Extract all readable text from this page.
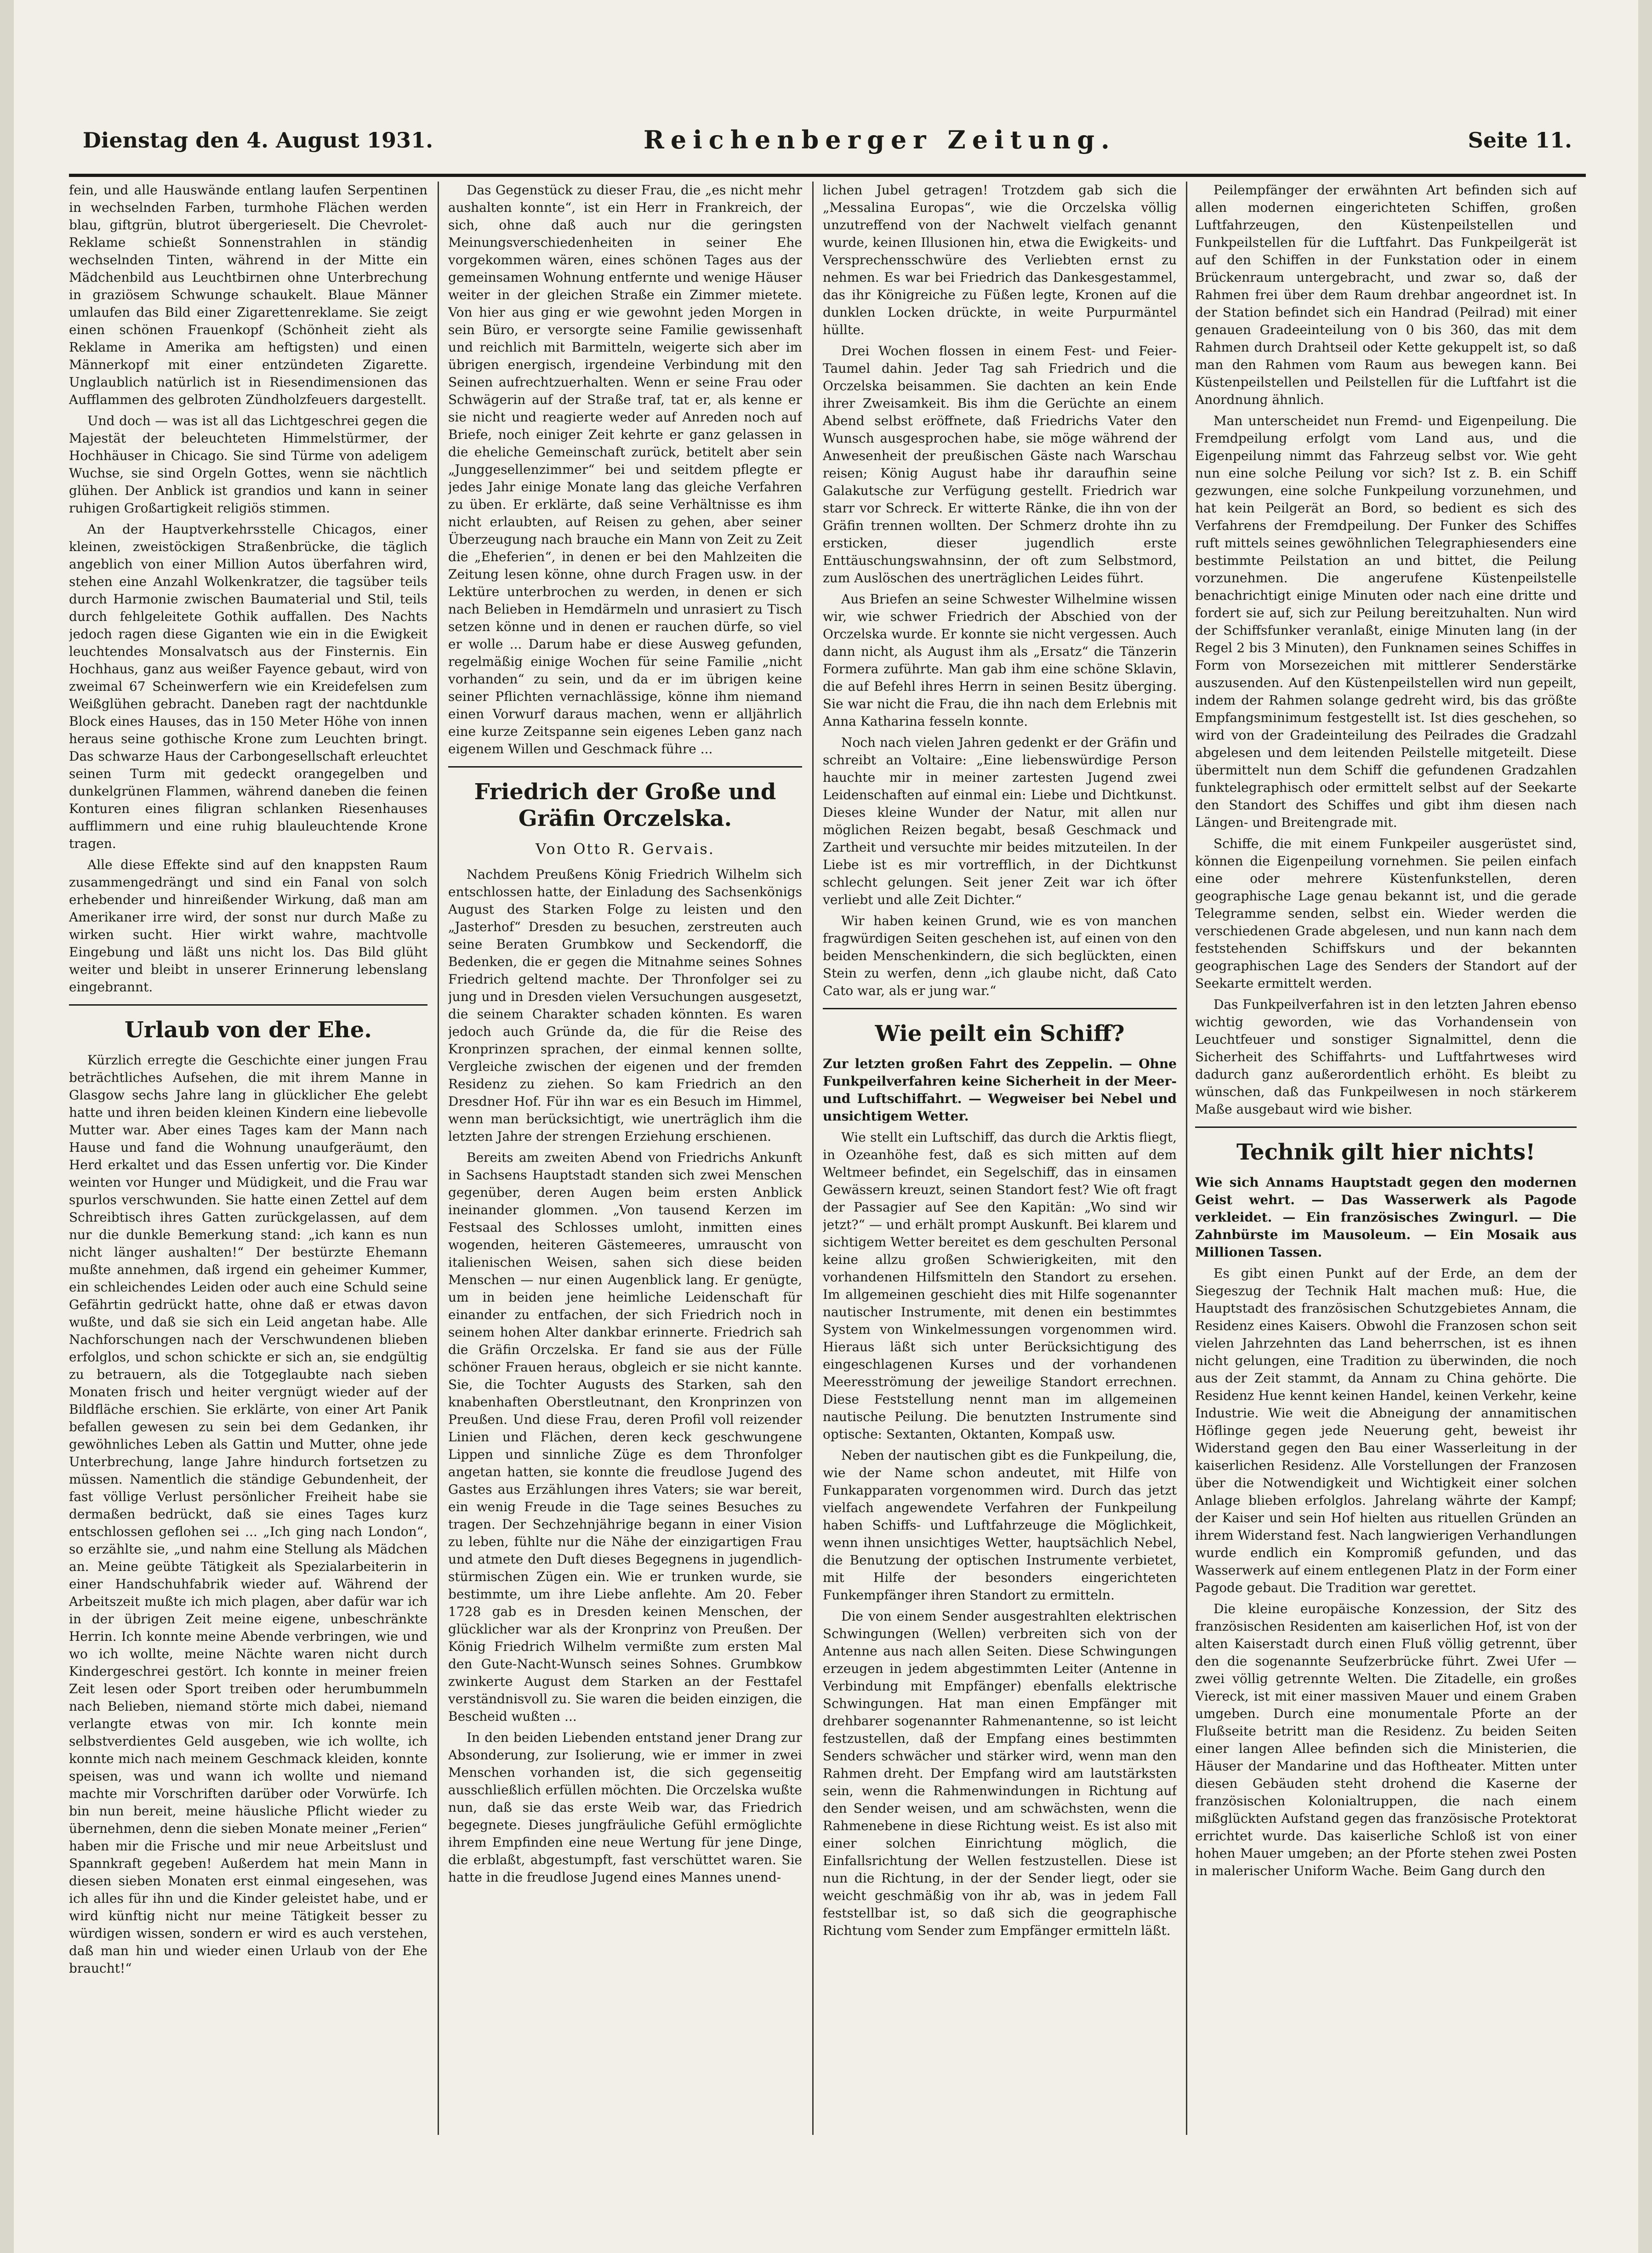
Dienstag den 4. August 1931.	Reichenberger Zeitung.	Seite 11.

fein, und alle Hauswände entlang laufen Serpentinen in wechselnden Farben, turmhohe Flächen werden blau, giftgrün, blutrot übergerieselt. Die Chevrolet-Reklame schießt Sonnenstrahlen in ständig wechselnden Tinten, während in der Mitte ein Mädchenbild aus Leuchtbirnen ohne Unterbrechung in graziösem Schwunge schaukelt. Blaue Männer umlaufen das Bild einer Zigarettenreklame. Sie zeigt einen schönen Frauenkopf (Schönheit zieht als Reklame in Amerika am heftigsten) und einen Männerkopf mit einer entzündeten Zigarette. Unglaublich natürlich ist in Riesendimensionen das Aufflammen des gelbroten Zündholzfeuers dargestellt.

Und doch — was ist all das Lichtgeschrei gegen die Majestät der beleuchteten Himmelstürmer, der Hochhäuser in Chicago. Sie sind Türme von adeligem Wuchse, sie sind Orgeln Gottes, wenn sie nächtlich glühen. Der Anblick ist grandios und kann in seiner ruhigen Großartigkeit religiös stimmen.

An der Hauptverkehrsstelle Chicagos, einer kleinen, zweistöckigen Straßenbrücke, die täglich angeblich von einer Million Autos überfahren wird, stehen eine Anzahl Wolkenkratzer, die tagsüber teils durch Harmonie zwischen Baumaterial und Stil, teils durch fehlgeleitete Gothik auffallen. Des Nachts jedoch ragen diese Giganten wie ein in die Ewigkeit leuchtendes Monsalvatsch aus der Finsternis. Ein Hochhaus, ganz aus weißer Fayence gebaut, wird von zweimal 67 Scheinwerfern wie ein Kreidefelsen zum Weißglühen gebracht. Daneben ragt der nachtdunkle Block eines Hauses, das in 150 Meter Höhe von innen heraus seine gothische Krone zum Leuchten bringt. Das schwarze Haus der Carbongesellschaft erleuchtet seinen Turm mit gedeckt orangegelben und dunkelgrünen Flammen, während daneben die feinen Konturen eines filigran schlanken Riesenhauses aufflimmern und eine ruhig blauleuchtende Krone tragen.

Alle diese Effekte sind auf den knappsten Raum zusammengedrängt und sind ein Fanal von solch erhebender und hinreißender Wirkung, daß man am Amerikaner irre wird, der sonst nur durch Maße zu wirken sucht. Hier wirkt wahre, machtvolle Eingebung und läßt uns nicht los. Das Bild glüht weiter und bleibt in unserer Erinnerung lebenslang eingebrannt.

Urlaub von der Ehe.

Kürzlich erregte die Geschichte einer jungen Frau beträchtliches Aufsehen, die mit ihrem Manne in Glasgow sechs Jahre lang in glücklicher Ehe gelebt hatte und ihren beiden kleinen Kindern eine liebevolle Mutter war. Aber eines Tages kam der Mann nach Hause und fand die Wohnung unaufgeräumt, den Herd erkaltet und das Essen unfertig vor. Die Kinder weinten vor Hunger und Müdigkeit, und die Frau war spurlos verschwunden. Sie hatte einen Zettel auf dem Schreibtisch ihres Gatten zurückgelassen, auf dem nur die dunkle Bemerkung stand: „ich kann es nun nicht länger aushalten!“ Der bestürzte Ehemann mußte annehmen, daß irgend ein geheimer Kummer, ein schleichendes Leiden oder auch eine Schuld seine Gefährtin gedrückt hatte, ohne daß er etwas davon wußte, und daß sie sich ein Leid angetan habe. Alle Nachforschungen nach der Verschwundenen blieben erfolglos, und schon schickte er sich an, sie endgültig zu betrauern, als die Totgeglaubte nach sieben Monaten frisch und heiter vergnügt wieder auf der Bildfläche erschien. Sie erklärte, von einer Art Panik befallen gewesen zu sein bei dem Gedanken, ihr gewöhnliches Leben als Gattin und Mutter, ohne jede Unterbrechung, lange Jahre hindurch fortsetzen zu müssen. Namentlich die ständige Gebundenheit, der fast völlige Verlust persönlicher Freiheit habe sie dermaßen bedrückt, daß sie eines Tages kurz entschlossen geflohen sei ... „Ich ging nach London“, so erzählte sie, „und nahm eine Stellung als Mädchen an. Meine geübte Tätigkeit als Spezialarbeiterin in einer Handschuhfabrik wieder auf. Während der Arbeitszeit mußte ich mich plagen, aber dafür war ich in der übrigen Zeit meine eigene, unbeschränkte Herrin. Ich konnte meine Abende verbringen, wie und wo ich wollte, meine Nächte waren nicht durch Kindergeschrei gestört. Ich konnte in meiner freien Zeit lesen oder Sport treiben oder herumbummeln nach Belieben, niemand störte mich dabei, niemand verlangte etwas von mir. Ich konnte mein selbstverdientes Geld ausgeben, wie ich wollte, ich konnte mich nach meinem Geschmack kleiden, konnte speisen, was und wann ich wollte und niemand machte mir Vorschriften darüber oder Vorwürfe. Ich bin nun bereit, meine häusliche Pflicht wieder zu übernehmen, denn die sieben Monate meiner „Ferien“ haben mir die Frische und mir neue Arbeitslust und Spannkraft gegeben! Außerdem hat mein Mann in diesen sieben Monaten erst einmal eingesehen, was ich alles für ihn und die Kinder geleistet habe, und er wird künftig nicht nur meine Tätigkeit besser zu würdigen wissen, sondern er wird es auch verstehen, daß man hin und wieder einen Urlaub von der Ehe braucht!“

Das Gegenstück zu dieser Frau, die „es nicht mehr aushalten konnte“, ist ein Herr in Frankreich, der sich, ohne daß auch nur die geringsten Meinungsverschiedenheiten in seiner Ehe vorgekommen wären, eines schönen Tages aus der gemeinsamen Wohnung entfernte und wenige Häuser weiter in der gleichen Straße ein Zimmer mietete. Von hier aus ging er wie gewohnt jeden Morgen in sein Büro, er versorgte seine Familie gewissenhaft und reichlich mit Barmitteln, weigerte sich aber im übrigen energisch, irgendeine Verbindung mit den Seinen aufrechtzuerhalten. Wenn er seine Frau oder Schwägerin auf der Straße traf, tat er, als kenne er sie nicht und reagierte weder auf Anreden noch auf Briefe, noch einiger Zeit kehrte er ganz gelassen in die eheliche Gemeinschaft zurück, betitelt aber sein „Junggesellenzimmer“ bei und seitdem pflegte er jedes Jahr einige Monate lang das gleiche Verfahren zu üben. Er erklärte, daß seine Verhältnisse es ihm nicht erlaubten, auf Reisen zu gehen, aber seiner Überzeugung nach brauche ein Mann von Zeit zu Zeit die „Eheferien“, in denen er bei den Mahlzeiten die Zeitung lesen könne, ohne durch Fragen usw. in der Lektüre unterbrochen zu werden, in denen er sich nach Belieben in Hemdärmeln und unrasiert zu Tisch setzen könne und in denen er rauchen dürfe, so viel er wolle ... Darum habe er diese Ausweg gefunden, regelmäßig einige Wochen für seine Familie „nicht vorhanden“ zu sein, und da er im übrigen keine seiner Pflichten vernachlässige, könne ihm niemand einen Vorwurf daraus machen, wenn er alljährlich eine kurze Zeitspanne sein eigenes Leben ganz nach eigenem Willen und Geschmack führe ...

Friedrich der Große und Gräfin Orczelska.
Von Otto R. Gervais.

Nachdem Preußens König Friedrich Wilhelm sich entschlossen hatte, der Einladung des Sachsenkönigs August des Starken Folge zu leisten und den „Jasterhof“ Dresden zu besuchen, zerstreuten auch seine Beraten Grumbkow und Seckendorff, die Bedenken, die er gegen die Mitnahme seines Sohnes Friedrich geltend machte. Der Thronfolger sei zu jung und in Dresden vielen Versuchungen ausgesetzt, die seinem Charakter schaden könnten. Es waren jedoch auch Gründe da, die für die Reise des Kronprinzen sprachen, der einmal kennen sollte, Vergleiche zwischen der eigenen und der fremden Residenz zu ziehen. So kam Friedrich an den Dresdner Hof. Für ihn war es ein Besuch im Himmel, wenn man berücksichtigt, wie unerträglich ihm die letzten Jahre der strengen Erziehung erschienen.

Bereits am zweiten Abend von Friedrichs Ankunft in Sachsens Hauptstadt standen sich zwei Menschen gegenüber, deren Augen beim ersten Anblick ineinander glommen. „Von tausend Kerzen im Festsaal des Schlosses umloht, inmitten eines wogenden, heiteren Gästemeeres, umrauscht von italienischen Weisen, sahen sich diese beiden Menschen — nur einen Augenblick lang. Er genügte, um in beiden jene heimliche Leidenschaft für einander zu entfachen, der sich Friedrich noch in seinem hohen Alter dankbar erinnerte. Friedrich sah die Gräfin Orczelska. Er fand sie aus der Fülle schöner Frauen heraus, obgleich er sie nicht kannte. Sie, die Tochter Augusts des Starken, sah den knabenhaften Oberstleutnant, den Kronprinzen von Preußen. Und diese Frau, deren Profil voll reizender Linien und Flächen, deren keck geschwungene Lippen und sinnliche Züge es dem Thronfolger angetan hatten, sie konnte die freudlose Jugend des Gastes aus Erzählungen ihres Vaters; sie war bereit, ein wenig Freude in die Tage seines Besuches zu tragen. Der Sechzehnjährige begann in einer Vision zu leben, fühlte nur die Nähe der einzigartigen Frau und atmete den Duft dieses Begegnens in jugendlich-stürmischen Zügen ein. Wie er trunken wurde, sie bestimmte, um ihre Liebe anflehte. Am 20. Feber 1728 gab es in Dresden keinen Menschen, der glücklicher war als der Kronprinz von Preußen. Der König Friedrich Wilhelm vermißte zum ersten Mal den Gute-Nacht-Wunsch seines Sohnes. Grumbkow zwinkerte August dem Starken an der Festtafel verständnisvoll zu. Sie waren die beiden einzigen, die Bescheid wußten ...

In den beiden Liebenden entstand jener Drang zur Absonderung, zur Isolierung, wie er immer in zwei Menschen vorhanden ist, die sich gegenseitig ausschließlich erfüllen möchten. Die Orczelska wußte nun, daß sie das erste Weib war, das Friedrich begegnete. Dieses jungfräuliche Gefühl ermöglichte ihrem Empfinden eine neue Wertung für jene Dinge, die erblaßt, abgestumpft, fast verschüttet waren. Sie hatte in die freudlose Jugend eines Mannes unend-

lichen Jubel getragen! Trotzdem gab sich die „Messalina Europas“, wie die Orczelska völlig unzutreffend von der Nachwelt vielfach genannt wurde, keinen Illusionen hin, etwa die Ewigkeits- und Versprechensschwüre des Verliebten ernst zu nehmen. Es war bei Friedrich das Dankesgestammel, das ihr Königreiche zu Füßen legte, Kronen auf die dunklen Locken drückte, in weite Purpurmäntel hüllte.

Drei Wochen flossen in einem Fest- und Feier-Taumel dahin. Jeder Tag sah Friedrich und die Orczelska beisammen. Sie dachten an kein Ende ihrer Zweisamkeit. Bis ihm die Gerüchte an einem Abend selbst eröffnete, daß Friedrichs Vater den Wunsch ausgesprochen habe, sie möge während der Anwesenheit der preußischen Gäste nach Warschau reisen; König August habe ihr daraufhin seine Galakutsche zur Verfügung gestellt. Friedrich war starr vor Schreck. Er witterte Ränke, die ihn von der Gräfin trennen wollten. Der Schmerz drohte ihn zu ersticken, dieser jugendlich erste Enttäuschungswahnsinn, der oft zum Selbstmord, zum Auslöschen des unerträglichen Leides führt.

Aus Briefen an seine Schwester Wilhelmine wissen wir, wie schwer Friedrich der Abschied von der Orczelska wurde. Er konnte sie nicht vergessen. Auch dann nicht, als August ihm als „Ersatz“ die Tänzerin Formera zuführte. Man gab ihm eine schöne Sklavin, die auf Befehl ihres Herrn in seinen Besitz überging. Sie war nicht die Frau, die ihn nach dem Erlebnis mit Anna Katharina fesseln konnte.

Noch nach vielen Jahren gedenkt er der Gräfin und schreibt an Voltaire: „Eine liebenswürdige Person hauchte mir in meiner zartesten Jugend zwei Leidenschaften auf einmal ein: Liebe und Dichtkunst. Dieses kleine Wunder der Natur, mit allen nur möglichen Reizen begabt, besaß Geschmack und Zartheit und versuchte mir beides mitzuteilen. In der Liebe ist es mir vortrefflich, in der Dichtkunst schlecht gelungen. Seit jener Zeit war ich öfter verliebt und alle Zeit Dichter.“

Wir haben keinen Grund, wie es von manchen fragwürdigen Seiten geschehen ist, auf einen von den beiden Menschenkindern, die sich beglückten, einen Stein zu werfen, denn „ich glaube nicht, daß Cato Cato war, als er jung war.“

Wie peilt ein Schiff?

Zur letzten großen Fahrt des Zeppelin. — Ohne Funkpeilverfahren keine Sicherheit in der Meer- und Luftschiffahrt. — Wegweiser bei Nebel und unsichtigem Wetter.

Wie stellt ein Luftschiff, das durch die Arktis fliegt, in Ozeanhöhe fest, daß es sich mitten auf dem Weltmeer befindet, ein Segelschiff, das in einsamen Gewässern kreuzt, seinen Standort fest? Wie oft fragt der Passagier auf See den Kapitän: „Wo sind wir jetzt?“ — und erhält prompt Auskunft. Bei klarem und sichtigem Wetter bereitet es dem geschulten Personal keine allzu großen Schwierigkeiten, mit den vorhandenen Hilfsmitteln den Standort zu ersehen. Im allgemeinen geschieht dies mit Hilfe sogenannter nautischer Instrumente, mit denen ein bestimmtes System von Winkelmessungen vorgenommen wird. Hieraus läßt sich unter Berücksichtigung des eingeschlagenen Kurses und der vorhandenen Meeresströmung der jeweilige Standort errechnen. Diese Feststellung nennt man im allgemeinen nautische Peilung. Die benutzten Instrumente sind optische: Sextanten, Oktanten, Kompaß usw.

Neben der nautischen gibt es die Funkpeilung, die, wie der Name schon andeutet, mit Hilfe von Funkapparaten vorgenommen wird. Durch das jetzt vielfach angewendete Verfahren der Funkpeilung haben Schiffs- und Luftfahrzeuge die Möglichkeit, wenn ihnen unsichtiges Wetter, hauptsächlich Nebel, die Benutzung der optischen Instrumente verbietet, mit Hilfe der besonders eingerichteten Funkempfänger ihren Standort zu ermitteln.

Die von einem Sender ausgestrahlten elektrischen Schwingungen (Wellen) verbreiten sich von der Antenne aus nach allen Seiten. Diese Schwingungen erzeugen in jedem abgestimmten Leiter (Antenne in Verbindung mit Empfänger) ebenfalls elektrische Schwingungen. Hat man einen Empfänger mit drehbarer sogenannter Rahmenantenne, so ist leicht festzustellen, daß der Empfang eines bestimmten Senders schwächer und stärker wird, wenn man den Rahmen dreht. Der Empfang wird am lautstärksten sein, wenn die Rahmenwindungen in Richtung auf den Sender weisen, und am schwächsten, wenn die Rahmenebene in diese Richtung weist. Es ist also mit einer solchen Einrichtung möglich, die Einfallsrichtung der Wellen festzustellen. Diese ist nun die Richtung, in der der Sender liegt, oder sie weicht geschmäßig von ihr ab, was in jedem Fall feststellbar ist, so daß sich die geographische Richtung vom Sender zum Empfänger ermitteln läßt.

Peilempfänger der erwähnten Art befinden sich auf allen modernen eingerichteten Schiffen, großen Luftfahrzeugen, den Küstenpeilstellen und Funkpeilstellen für die Luftfahrt. Das Funkpeilgerät ist auf den Schiffen in der Funkstation oder in einem Brückenraum untergebracht, und zwar so, daß der Rahmen frei über dem Raum drehbar angeordnet ist. In der Station befindet sich ein Handrad (Peilrad) mit einer genauen Gradeeinteilung von 0 bis 360, das mit dem Rahmen durch Drahtseil oder Kette gekuppelt ist, so daß man den Rahmen vom Raum aus bewegen kann. Bei Küstenpeilstellen und Peilstellen für die Luftfahrt ist die Anordnung ähnlich.

Man unterscheidet nun Fremd- und Eigenpeilung. Die Fremdpeilung erfolgt vom Land aus, und die Eigenpeilung nimmt das Fahrzeug selbst vor. Wie geht nun eine solche Peilung vor sich? Ist z. B. ein Schiff gezwungen, eine solche Funkpeilung vorzunehmen, und hat kein Peilgerät an Bord, so bedient es sich des Verfahrens der Fremdpeilung. Der Funker des Schiffes ruft mittels seines gewöhnlichen Telegraphiesenders eine bestimmte Peilstation an und bittet, die Peilung vorzunehmen. Die angerufene Küstenpeilstelle benachrichtigt einige Minuten oder nach eine dritte und fordert sie auf, sich zur Peilung bereitzuhalten. Nun wird der Schiffsfunker veranlaßt, einige Minuten lang (in der Regel 2 bis 3 Minuten), den Funknamen seines Schiffes in Form von Morsezeichen mit mittlerer Senderstärke auszusenden. Auf den Küstenpeilstellen wird nun gepeilt, indem der Rahmen solange gedreht wird, bis das größte Empfangsminimum festgestellt ist. Ist dies geschehen, so wird von der Gradeinteilung des Peilrades die Gradzahl abgelesen und dem leitenden Peilstelle mitgeteilt. Diese übermittelt nun dem Schiff die gefundenen Gradzahlen funktelegraphisch oder ermittelt selbst auf der Seekarte den Standort des Schiffes und gibt ihm diesen nach Längen- und Breitengrade mit.

Schiffe, die mit einem Funkpeiler ausgerüstet sind, können die Eigenpeilung vornehmen. Sie peilen einfach eine oder mehrere Küstenfunkstellen, deren geographische Lage genau bekannt ist, und die gerade Telegramme senden, selbst ein. Wieder werden die verschiedenen Grade abgelesen, und nun kann nach dem feststehenden Schiffskurs und der bekannten geographischen Lage des Senders der Standort auf der Seekarte ermittelt werden.

Das Funkpeilverfahren ist in den letzten Jahren ebenso wichtig geworden, wie das Vorhandensein von Leuchtfeuer und sonstiger Signalmittel, denn die Sicherheit des Schiffahrts- und Luftfahrtweses wird dadurch ganz außerordentlich erhöht. Es bleibt zu wünschen, daß das Funkpeilwesen in noch stärkerem Maße ausgebaut wird wie bisher.

Technik gilt hier nichts!

Wie sich Annams Hauptstadt gegen den modernen Geist wehrt. — Das Wasserwerk als Pagode verkleidet. — Ein französisches Zwingurl. — Die Zahnbürste im Mausoleum. — Ein Mosaik aus Millionen Tassen.

Es gibt einen Punkt auf der Erde, an dem der Siegeszug der Technik Halt machen muß: Hue, die Hauptstadt des französischen Schutzgebietes Annam, die Residenz eines Kaisers. Obwohl die Franzosen schon seit vielen Jahrzehnten das Land beherrschen, ist es ihnen nicht gelungen, eine Tradition zu überwinden, die noch aus der Zeit stammt, da Annam zu China gehörte. Die Residenz Hue kennt keinen Handel, keinen Verkehr, keine Industrie. Wie weit die Abneigung der annamitischen Höflinge gegen jede Neuerung geht, beweist ihr Widerstand gegen den Bau einer Wasserleitung in der kaiserlichen Residenz. Alle Vorstellungen der Franzosen über die Notwendigkeit und Wichtigkeit einer solchen Anlage blieben erfolglos. Jahrelang währte der Kampf; der Kaiser und sein Hof hielten aus rituellen Gründen an ihrem Widerstand fest. Nach langwierigen Verhandlungen wurde endlich ein Kompromiß gefunden, und das Wasserwerk auf einem entlegenen Platz in der Form einer Pagode gebaut. Die Tradition war gerettet.

Die kleine europäische Konzession, der Sitz des französischen Residenten am kaiserlichen Hof, ist von der alten Kaiserstadt durch einen Fluß völlig getrennt, über den die sogenannte Seufzerbrücke führt. Zwei Ufer — zwei völlig getrennte Welten. Die Zitadelle, ein großes Viereck, ist mit einer massiven Mauer und einem Graben umgeben. Durch eine monumentale Pforte an der Flußseite betritt man die Residenz. Zu beiden Seiten einer langen Allee befinden sich die Ministerien, die Häuser der Mandarine und das Hoftheater. Mitten unter diesen Gebäuden steht drohend die Kaserne der französischen Kolonialtruppen, die nach einem mißglückten Aufstand gegen das französische Protektorat errichtet wurde. Das kaiserliche Schloß ist von einer hohen Mauer umgeben; an der Pforte stehen zwei Posten in malerischer Uniform Wache. Beim Gang durch den
